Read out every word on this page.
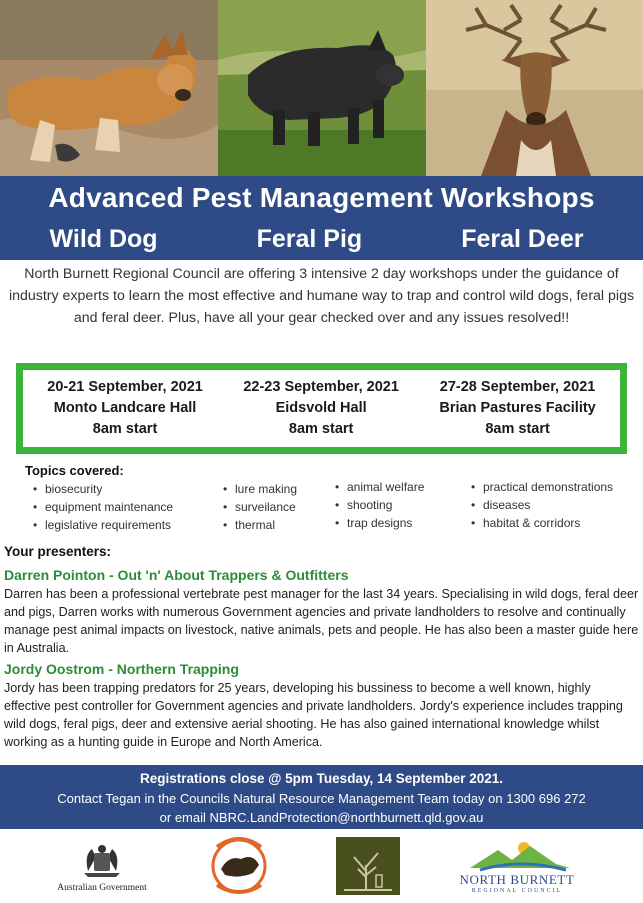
Advanced Pest Management Workshops
Wild Dog	Feral Pig	Feral Deer
North Burnett Regional Council are offering 3 intensive 2 day workshops under the guidance of industry experts to learn the most effective and humane way to trap and control wild dogs, feral pigs and feral deer. Plus, have all your gear checked over and any issues resolved!!
20-21 September, 2021
Monto Landcare Hall
8am start
22-23 September, 2021
Eidsvold Hall
8am start
27-28 September, 2021
Brian Pastures Facility
8am start
Topics covered:
• biosecurity
• equipment maintenance
• legislative requirements
• lure making
• surveilance
• thermal
• animal welfare
• shooting
• trap designs
• practical demonstrations
• diseases
• habitat & corridors
Your presenters:
Darren Pointon - Out 'n' About Trappers & Outfitters
Darren has been a professional vertebrate pest manager for the last 34 years. Specialising in wild dogs, feral deer and pigs, Darren works with numerous Government agencies and private landholders to resolve and continually manage pest animal impacts on livestock, native animals, pets and people. He has also been a master guide here in Australia.
Jordy Oostrom - Northern Trapping
Jordy has been trapping predators for 25 years, developing his bussiness to become a well known, highly effective pest controller for Government agencies and private landholders. Jordy's experience includes trapping wild dogs, feral pigs, deer and extensive aerial shooting. He has also gained international knowledge whilst working as a hunting guide in Europe and North America.
Registrations close @ 5pm Tuesday, 14 September 2021.
Contact Tegan in the Councils Natural Resource Management Team today on 1300 696 272
or email NBRC.LandProtection@northburnett.qld.gov.au
Australian Government
NORTH BURNETT
REGIONAL COUNCIL
